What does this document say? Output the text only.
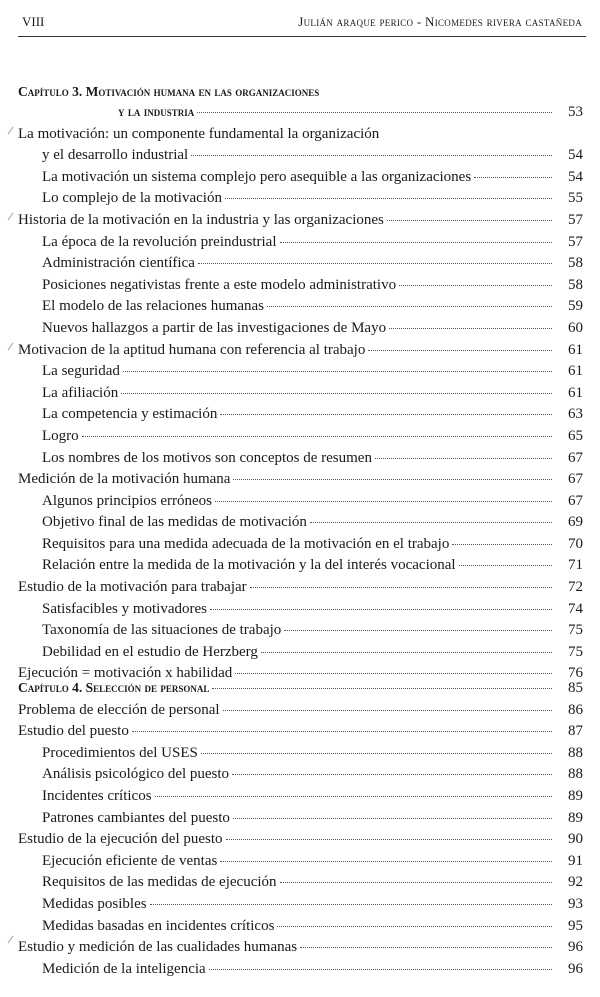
VIII	Julián araque perico - Nicomedes rivera castañeda
Capítulo 3. Motivación humana en las organizaciones
y la industria	53
La motivación: un componente fundamental la organización
y el desarrollo industrial	54
La motivación un sistema complejo pero asequible a las organizaciones	54
Lo complejo de la motivación	55
Historia de la motivación en la industria y las organizaciones	57
La época de la revolución preindustrial	57
Administración científica	58
Posiciones negativistas frente a este modelo administrativo	58
El modelo de las relaciones humanas	59
Nuevos hallazgos a partir de las investigaciones de Mayo	60
Motivacion de la aptitud humana con referencia al trabajo	61
La seguridad	61
La afiliación	61
La competencia y estimación	63
Logro	65
Los nombres de los motivos son conceptos de resumen	67
Medición de la motivación humana	67
Algunos principios erróneos	67
Objetivo final de las medidas de motivación	69
Requisitos para una medida adecuada de la motivación en el trabajo	70
Relación entre la medida de la motivación y la del interés vocacional	71
Estudio de la motivación para trabajar	72
Satisfacibles y motivadores	74
Taxonomía de las situaciones de trabajo	75
Debilidad en el estudio de Herzberg	75
Ejecución = motivación x habilidad	76
Capítulo 4. Selección de personal	85
Problema de elección de personal	86
Estudio del puesto	87
Procedimientos del USES	88
Análisis psicológico del puesto	88
Incidentes críticos	89
Patrones cambiantes del puesto	89
Estudio de la ejecución del puesto	90
Ejecución eficiente de ventas	91
Requisitos de las medidas de ejecución	92
Medidas posibles	93
Medidas basadas en incidentes críticos	95
Estudio y medición de las cualidades humanas	96
Medición de la inteligencia	96
